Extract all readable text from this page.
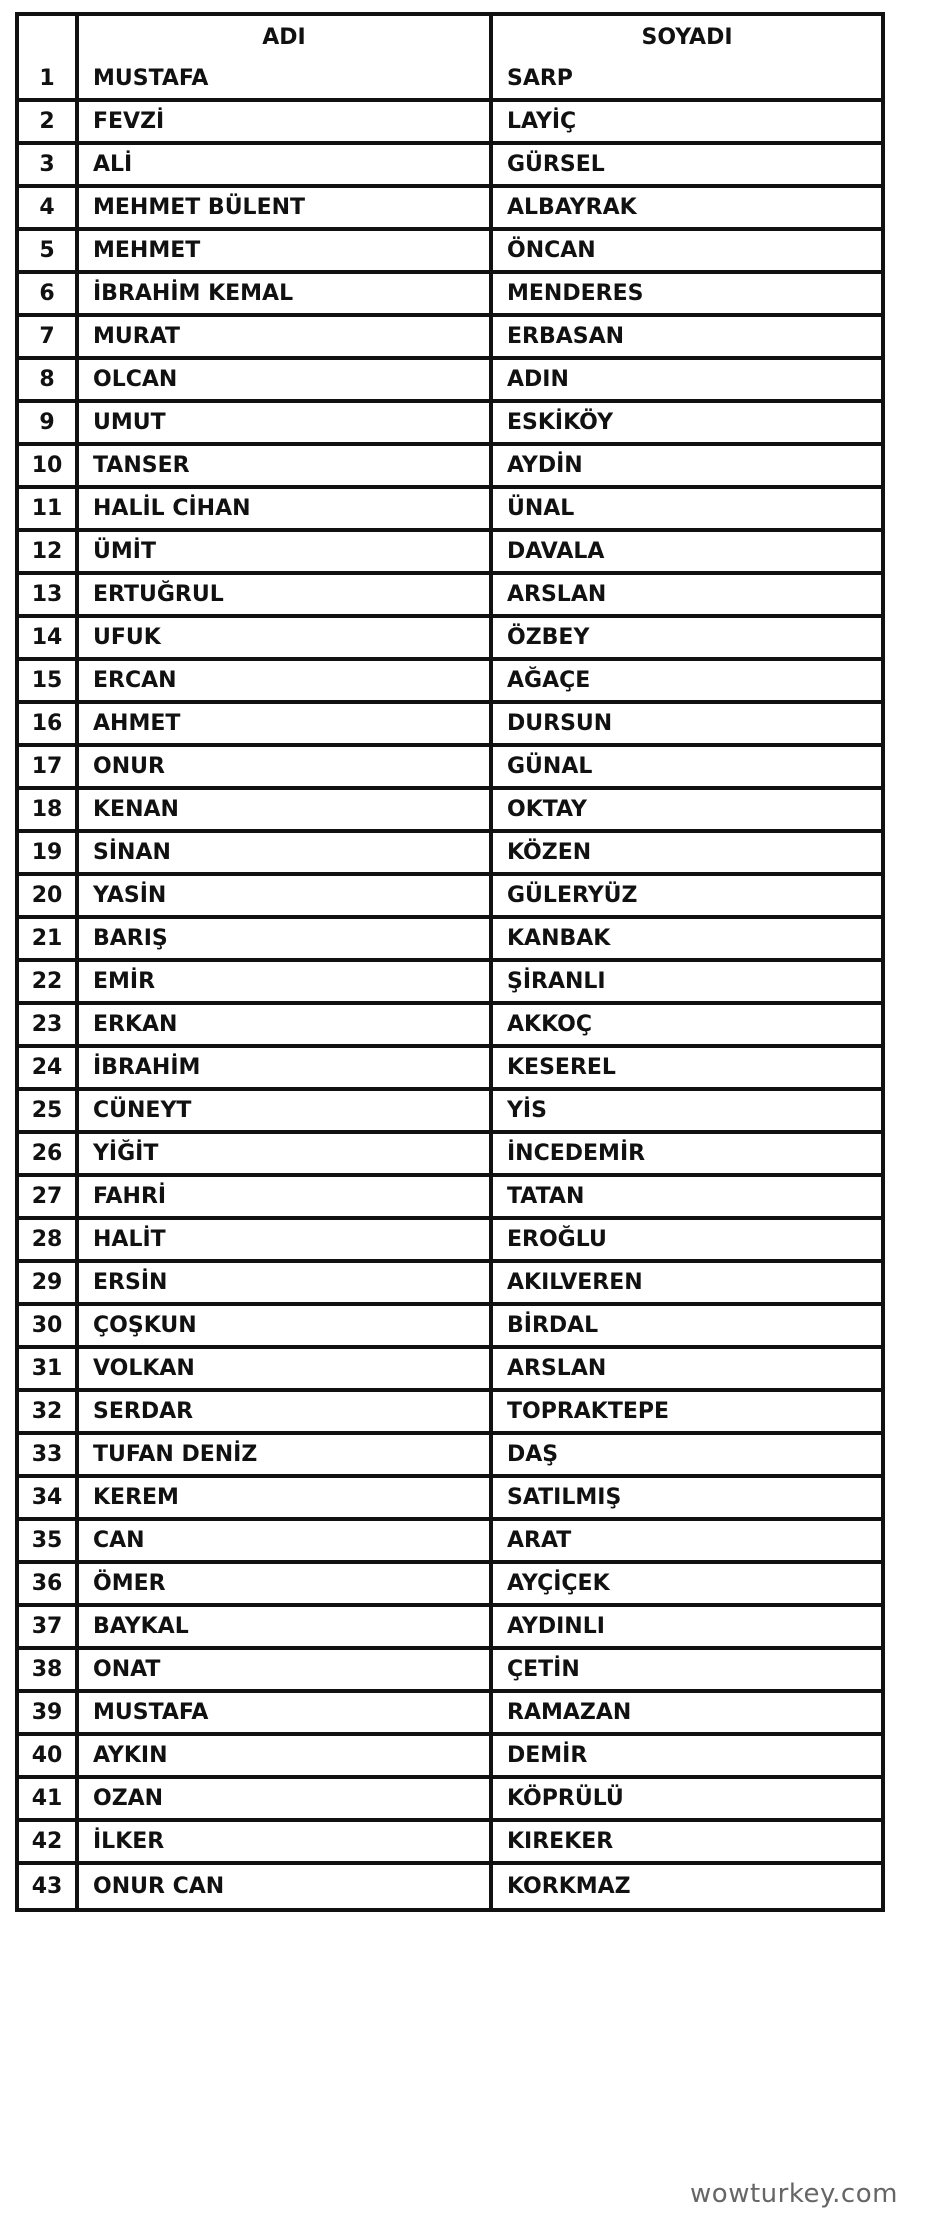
	ADI	SOYADI
1	MUSTAFA	SARP
2	FEVZİ	LAYİÇ
3	ALİ	GÜRSEL
4	MEHMET BÜLENT	ALBAYRAK
5	MEHMET	ÖNCAN
6	İBRAHİM KEMAL	MENDERES
7	MURAT	ERBASAN
8	OLCAN	ADIN
9	UMUT	ESKİKÖY
10	TANSER	AYDİN
11	HALİL CİHAN	ÜNAL
12	ÜMİT	DAVALA
13	ERTUĞRUL	ARSLAN
14	UFUK	ÖZBEY
15	ERCAN	AĞAÇE
16	AHMET	DURSUN
17	ONUR	GÜNAL
18	KENAN	OKTAY
19	SİNAN	KÖZEN
20	YASİN	GÜLERYÜZ
21	BARIŞ	KANBAK
22	EMİR	ŞİRANLI
23	ERKAN	AKKOÇ
24	İBRAHİM	KESEREL
25	CÜNEYT	YİS
26	YİĞİT	İNCEDEMİR
27	FAHRİ	TATAN
28	HALİT	EROĞLU
29	ERSİN	AKILVEREN
30	ÇOŞKUN	BİRDAL
31	VOLKAN	ARSLAN
32	SERDAR	TOPRAKTEPE
33	TUFAN DENİZ	DAŞ
34	KEREM	SATILMIŞ
35	CAN	ARAT
36	ÖMER	AYÇİÇEK
37	BAYKAL	AYDINLI
38	ONAT	ÇETİN
39	MUSTAFA	RAMAZAN
40	AYKIN	DEMİR
41	OZAN	KÖPRÜLÜ
42	İLKER	KIREKER
43	ONUR CAN	KORKMAZ
wowturkey.com
